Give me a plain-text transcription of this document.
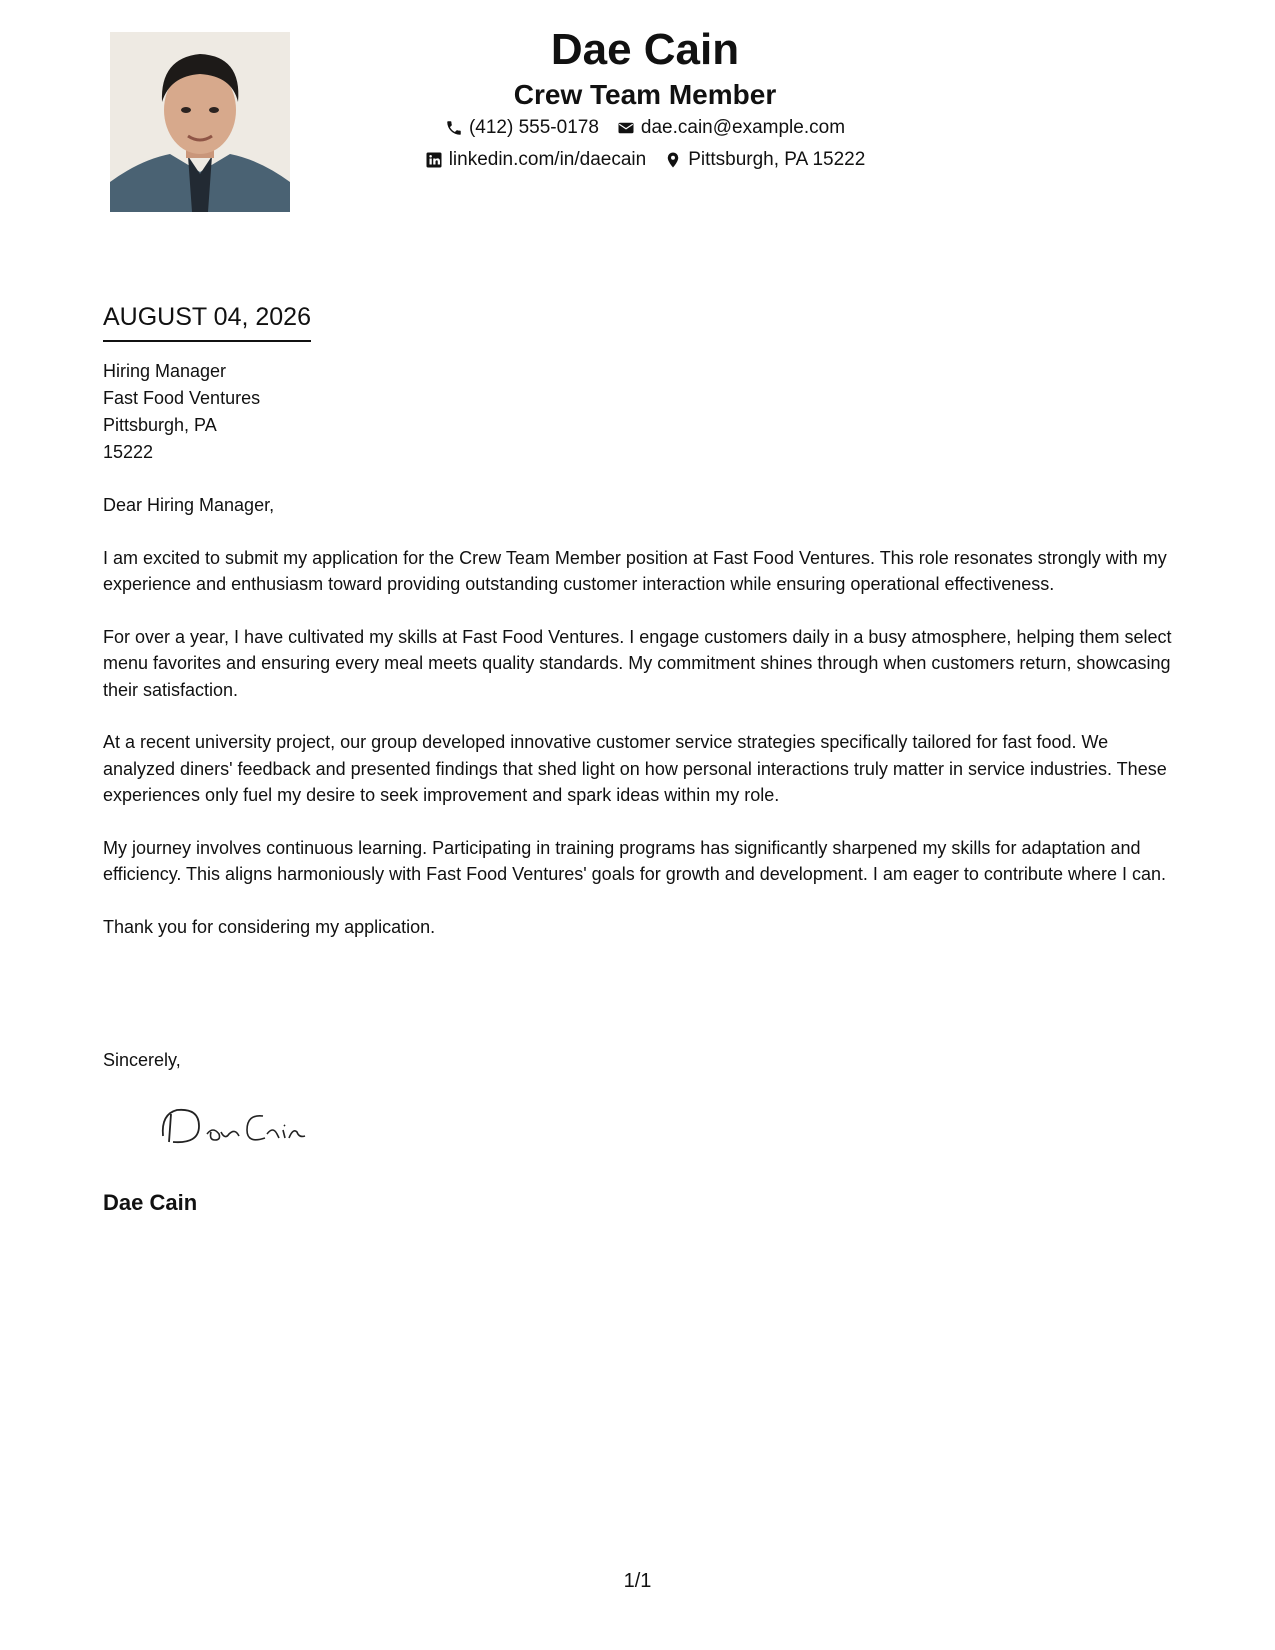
Dae Cain
Crew Team Member
(412) 555-0178 dae.cain@example.com
linkedin.com/in/daecain Pittsburgh, PA 15222
AUGUST 04, 2026
Hiring Manager
Fast Food Ventures
Pittsburgh, PA
15222

Dear Hiring Manager,

I am excited to submit my application for the Crew Team Member position at Fast Food Ventures. This role resonates strongly with my experience and enthusiasm toward providing outstanding customer interaction while ensuring operational effectiveness.

For over a year, I have cultivated my skills at Fast Food Ventures. I engage customers daily in a busy atmosphere, helping them select menu favorites and ensuring every meal meets quality standards. My commitment shines through when customers return, showcasing their satisfaction.

At a recent university project, our group developed innovative customer service strategies specifically tailored for fast food. We analyzed diners' feedback and presented findings that shed light on how personal interactions truly matter in service industries. These experiences only fuel my desire to seek improvement and spark ideas within my role.

My journey involves continuous learning. Participating in training programs has significantly sharpened my skills for adaptation and efficiency. This aligns harmoniously with Fast Food Ventures' goals for growth and development. I am eager to contribute where I can.

Thank you for considering my application.

Sincerely,
Dae Cain
1/1
